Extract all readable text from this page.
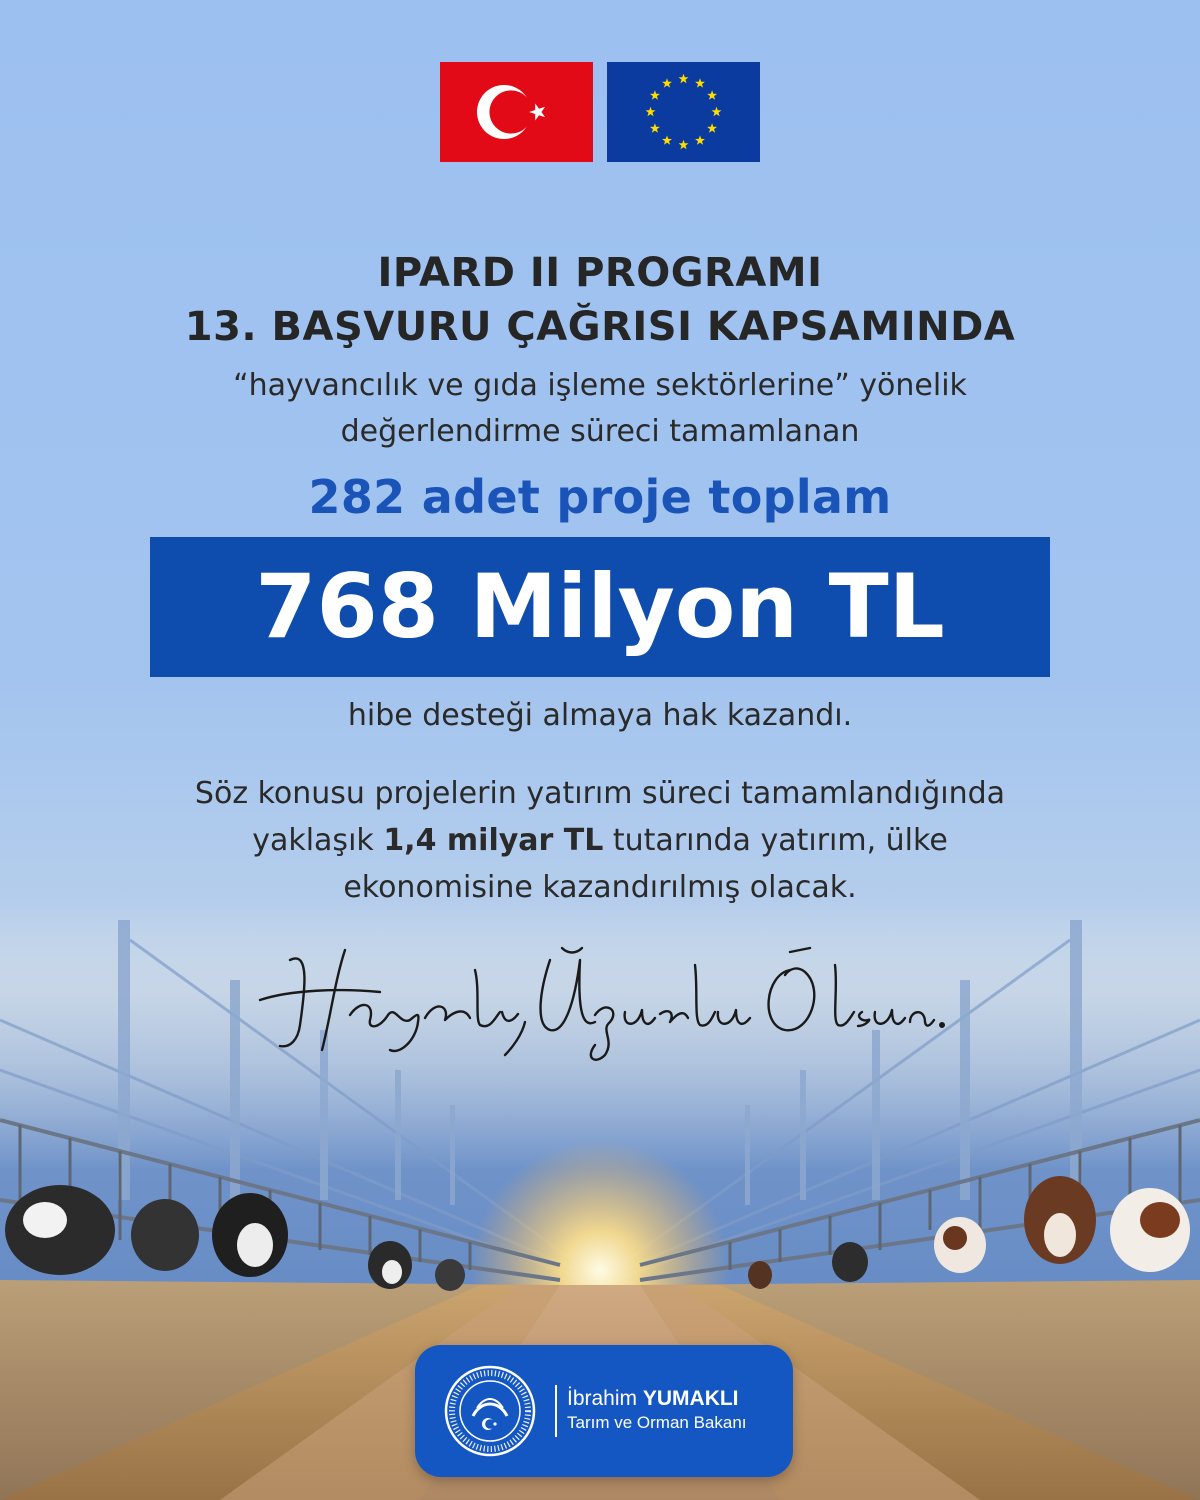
IPARD II PROGRAMI
13. BAŞVURU ÇAĞRISI KAPSAMINDA
“hayvancılık ve gıda işleme sektörlerine” yönelik
değerlendirme süreci tamamlanan
282 adet proje toplam
768 Milyon TL
hibe desteği almaya hak kazandı.
Söz konusu projelerin yatırım süreci tamamlandığında
yaklaşık 1,4 milyar TL tutarında yatırım, ülke
ekonomisine kazandırılmış olacak.
İbrahim YUMAKLI
Tarım ve Orman Bakanı
